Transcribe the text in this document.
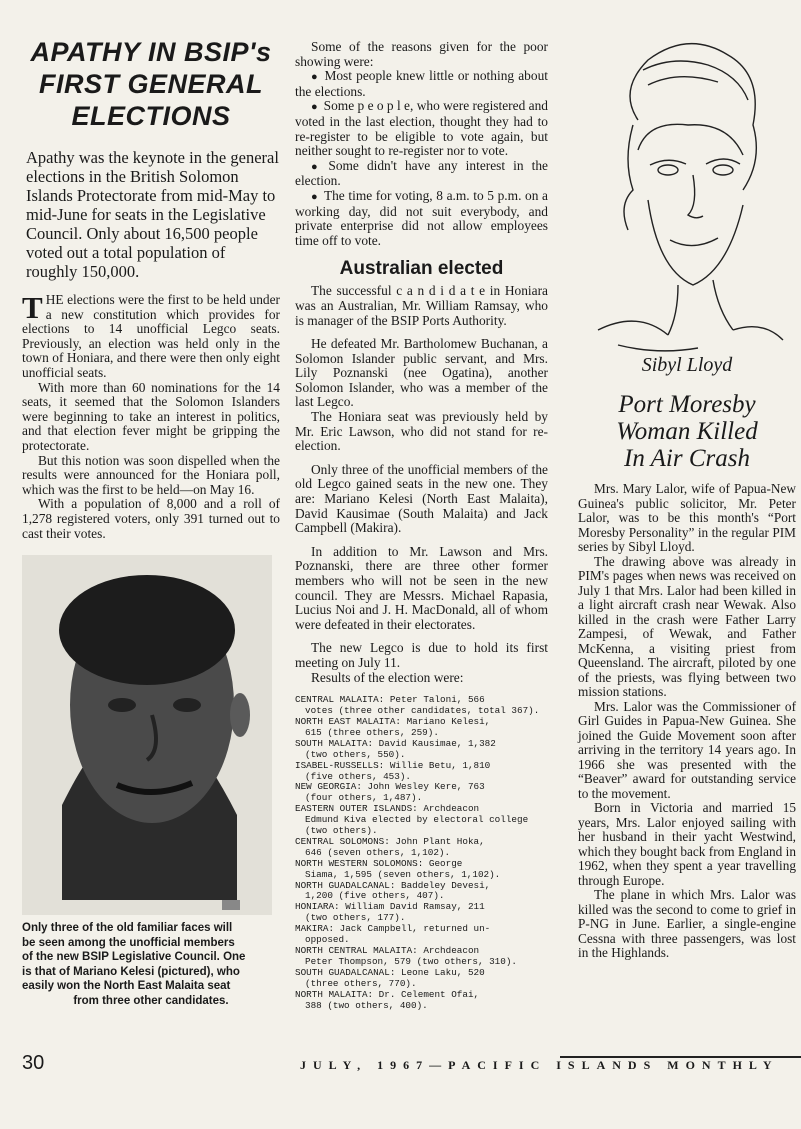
APATHY IN BSIP's
FIRST GENERAL
ELECTIONS
Apathy was the keynote in the general elections in the British Solomon Islands Protectorate from mid-May to mid-June for seats in the Legislative Council. Only about 16,500 people voted out a total population of roughly 150,000.

THE elections were the first to be held under a new constitution which provides for elections to 14 unofficial Legco seats. Previously, an election was held only in the town of Honiara, and there were then only eight unofficial seats.

With more than 60 nominations for the 14 seats, it seemed that the Solomon Islanders were beginning to take an interest in politics, and that election fever might be gripping the protectorate.

But this notion was soon dispelled when the results were announced for the Honiara poll, which was the first to be held—on May 16.

With a population of 8,000 and a roll of 1,278 registered voters, only 391 turned out to cast their votes.

Only three of the old familiar faces will
be seen among the unofficial members
of the new BSIP Legislative Council. One
is that of Mariano Kelesi (pictured), who
easily won the North East Malaita seat
from three other candidates.

Some of the reasons given for the poor showing were:

● Most people knew little or nothing about the elections.

● Some p e o p l e, who were registered and voted in the last election, thought they had to re-register to be eligible to vote again, but neither sought to re-register nor to vote.

● Some didn't have any interest in the election.

● The time for voting, 8 a.m. to 5 p.m. on a working day, did not suit everybody, and private enterprise did not allow employees time off to vote.

Australian elected

The successful c a n d i d a t e in Honiara was an Australian, Mr. William Ramsay, who is manager of the BSIP Ports Authority.

He defeated Mr. Bartholomew Buchanan, a Solomon Islander public servant, and Mrs. Lily Poznanski (nee Ogatina), another Solomon Islander, who was a member of the last Legco.

The Honiara seat was previously held by Mr. Eric Lawson, who did not stand for re-election.

Only three of the unofficial members of the old Legco gained seats in the new one. They are: Mariano Kelesi (North East Malaita), David Kausimae (South Malaita) and Jack Campbell (Makira).

In addition to Mr. Lawson and Mrs. Poznanski, there are three other former members who will not be seen in the new council. They are Messrs. Michael Rapasia, Lucius Noi and J. H. MacDonald, all of whom were defeated in their electorates.

The new Legco is due to hold its first meeting on July 11.

Results of the election were:

CENTRAL MALAITA: Peter Taloni, 566
votes (three other candidates, total 367).
NORTH EAST MALAITA: Mariano Kelesi,
615 (three others, 259).
SOUTH MALAITA: David Kausimae, 1,382
(two others, 550).
ISABEL-RUSSELLS: Willie Betu, 1,810
(five others, 453).
NEW GEORGIA: John Wesley Kere, 763
(four others, 1,487).
EASTERN OUTER ISLANDS: Archdeacon
Edmund Kiva elected by electoral college (two others).
CENTRAL SOLOMONS: John Plant Hoka,
646 (seven others, 1,102).
NORTH WESTERN SOLOMONS: George
Siama, 1,595 (seven others, 1,102).
NORTH GUADALCANAL: Baddeley Devesi,
1,200 (five others, 407).
HONIARA: William David Ramsay, 211
(two others, 177).
MAKIRA: Jack Campbell, returned un-
opposed.
NORTH CENTRAL MALAITA: Archdeacon
Peter Thompson, 579 (two others, 310).
SOUTH GUADALCANAL: Leone Laku, 520
(three others, 770).
NORTH MALAITA: Dr. Celement Ofai,
388 (two others, 400).
Sibyl Lloyd
Port Moresby
Woman Killed
In Air Crash

Mrs. Mary Lalor, wife of Papua-New Guinea's public solicitor, Mr. Peter Lalor, was to be this month's “Port Moresby Personality” in the regular PIM series by Sibyl Lloyd.

The drawing above was already in PIM's pages when news was received on July 1 that Mrs. Lalor had been killed in a light aircraft crash near Wewak. Also killed in the crash were Father Larry Zampesi, of Wewak, and Father McKenna, a visiting priest from Queensland. The aircraft, piloted by one of the priests, was flying between two mission stations.

Mrs. Lalor was the Commissioner of Girl Guides in Papua-New Guinea. She joined the Guide Movement soon after arriving in the territory 14 years ago. In 1966 she was presented with the “Beaver” award for outstanding service to the movement.

Born in Victoria and married 15 years, Mrs. Lalor enjoyed sailing with her husband in their yacht Westwind, which they bought back from England in 1962, when they spent a year travelling through Europe.

The plane in which Mrs. Lalor was killed was the second to come to grief in P-NG in June. Earlier, a single-engine Cessna with three passengers, was lost in the Highlands.

30	JULY, 1967—PACIFIC ISLANDS MONTHLY
